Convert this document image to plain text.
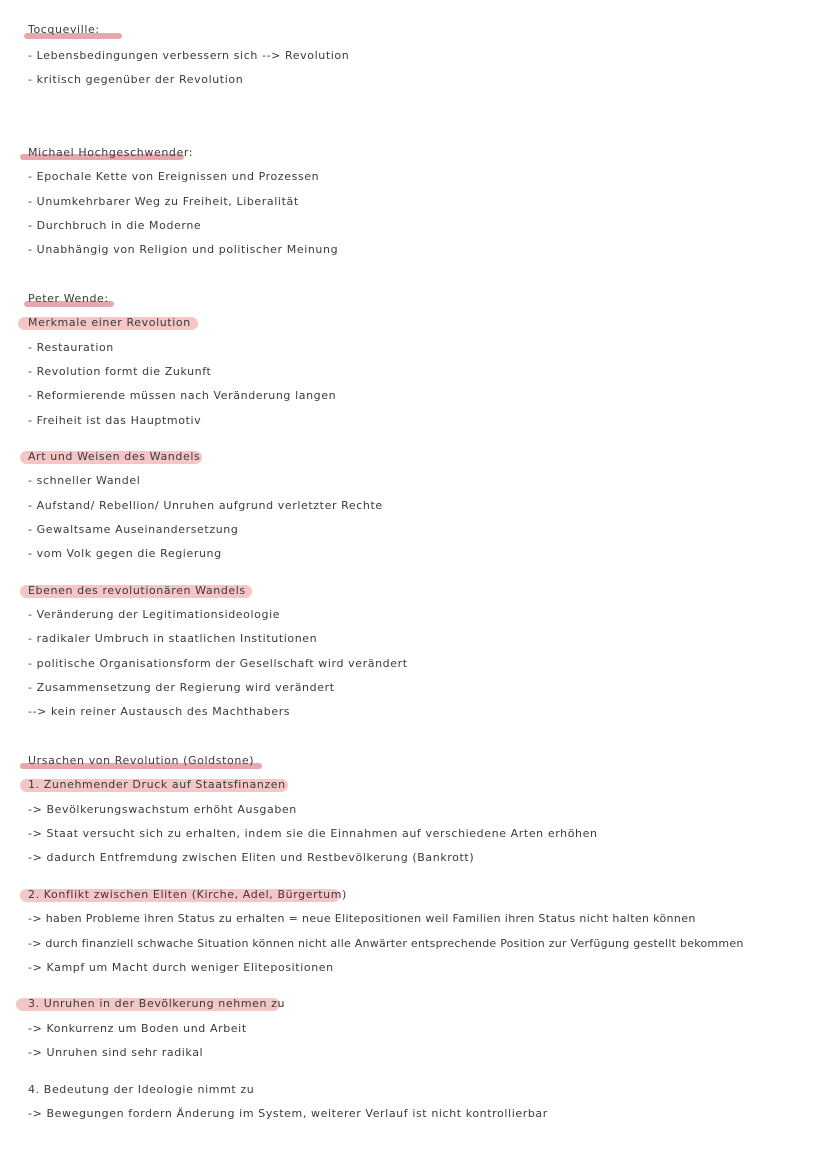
Tocqueville:
- Lebensbedingungen verbessern sich --> Revolution
- kritisch gegenüber der Revolution
Michael Hochgeschwender:
- Epochale Kette von Ereignissen und Prozessen
- Unumkehrbarer Weg zu Freiheit, Liberalität
- Durchbruch in die Moderne
- Unabhängig von Religion und politischer Meinung
Peter Wende:
Merkmale einer Revolution
- Restauration
- Revolution formt die Zukunft
- Reformierende müssen nach Veränderung langen
- Freiheit ist das Hauptmotiv
Art und Weisen des Wandels
- schneller Wandel
- Aufstand/ Rebellion/ Unruhen aufgrund verletzter Rechte
- Gewaltsame Auseinandersetzung
- vom Volk gegen die Regierung
Ebenen des revolutionären Wandels
- Veränderung der Legitimationsideologie
- radikaler Umbruch in staatlichen Institutionen
- politische Organisationsform der Gesellschaft wird verändert
- Zusammensetzung der Regierung wird verändert
--> kein reiner Austausch des Machthabers
Ursachen von Revolution (Goldstone)
1. Zunehmender Druck auf Staatsfinanzen
-> Bevölkerungswachstum erhöht Ausgaben
-> Staat versucht sich zu erhalten, indem sie die Einnahmen auf verschiedene Arten erhöhen
-> dadurch Entfremdung zwischen Eliten und Restbevölkerung (Bankrott)
2. Konflikt zwischen Eliten (Kirche, Adel, Bürgertum)
-> haben Probleme ihren Status zu erhalten = neue Elitepositionen weil Familien ihren Status nicht halten können
-> durch finanziell schwache Situation können nicht alle Anwärter entsprechende Position zur Verfügung gestellt bekommen
-> Kampf um Macht durch weniger Elitepositionen
3. Unruhen in der Bevölkerung nehmen zu
-> Konkurrenz um Boden und Arbeit
-> Unruhen sind sehr radikal
4. Bedeutung der Ideologie nimmt zu
-> Bewegungen fordern Änderung im System, weiterer Verlauf ist nicht kontrollierbar
